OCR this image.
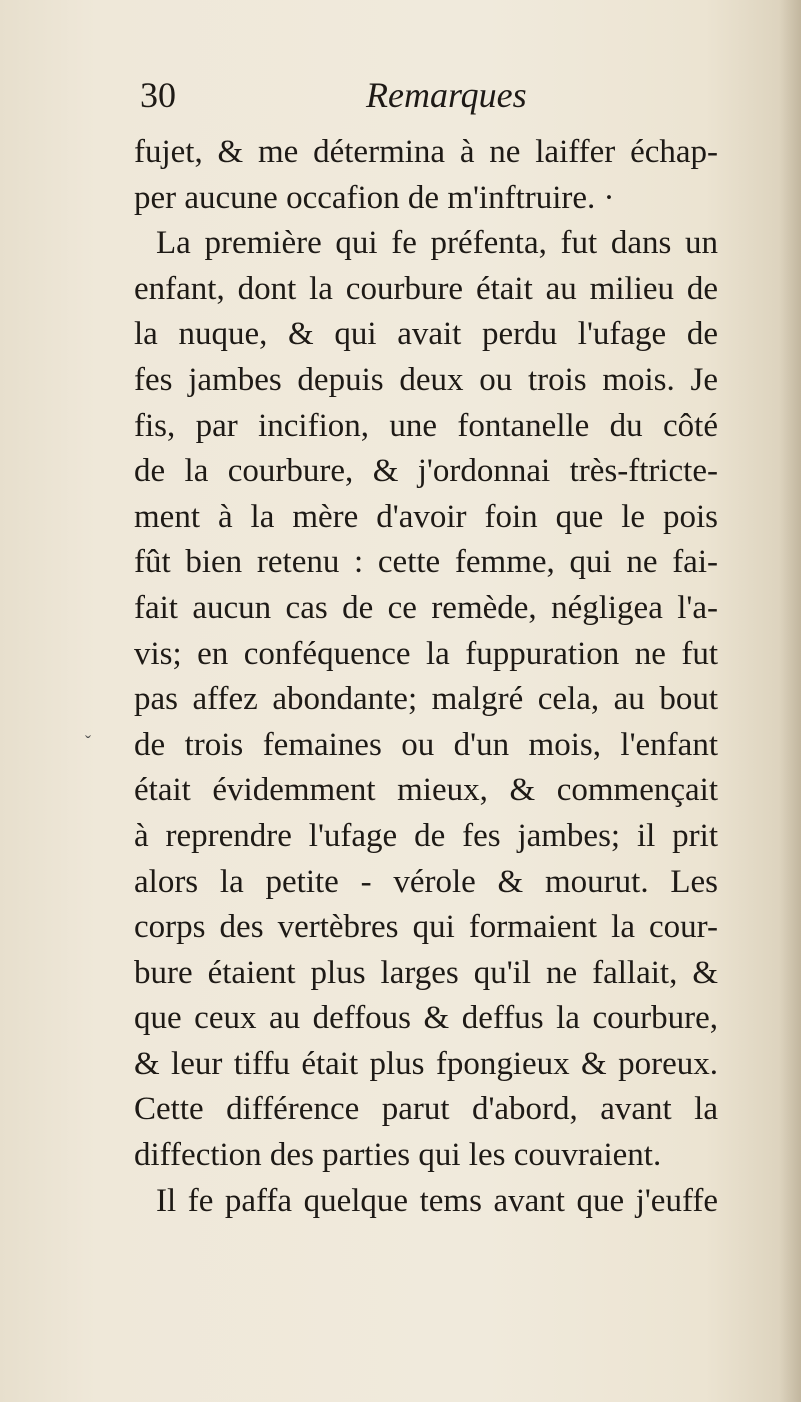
30	Remarques
fujet, & me détermina à ne laiffer échap-
per aucune occafion de m'inftruire. ·
La première qui fe préfenta, fut dans un
enfant, dont la courbure était au milieu de
la nuque, & qui avait perdu l'ufage de
fes jambes depuis deux ou trois mois. Je
fis, par incifion, une fontanelle du côté
de la courbure, & j'ordonnai très-ftricte-
ment à la mère d'avoir foin que le pois
fût bien retenu : cette femme, qui ne fai-
fait aucun cas de ce remède, négligea l'a-
vis; en conféquence la fuppuration ne fut
pas affez abondante; malgré cela, au bout
de trois femaines ou d'un mois, l'enfant
était évidemment mieux, & commençait
à reprendre l'ufage de fes jambes; il prit
alors la petite - vérole & mourut. Les
corps des vertèbres qui formaient la cour-
bure étaient plus larges qu'il ne fallait, &
que ceux au deffous & deffus la courbure,
& leur tiffu était plus fpongieux & poreux.
Cette différence parut d'abord, avant la
diffection des parties qui les couvraient.
Il fe paffa quelque tems avant que j'euffe
ˇ
